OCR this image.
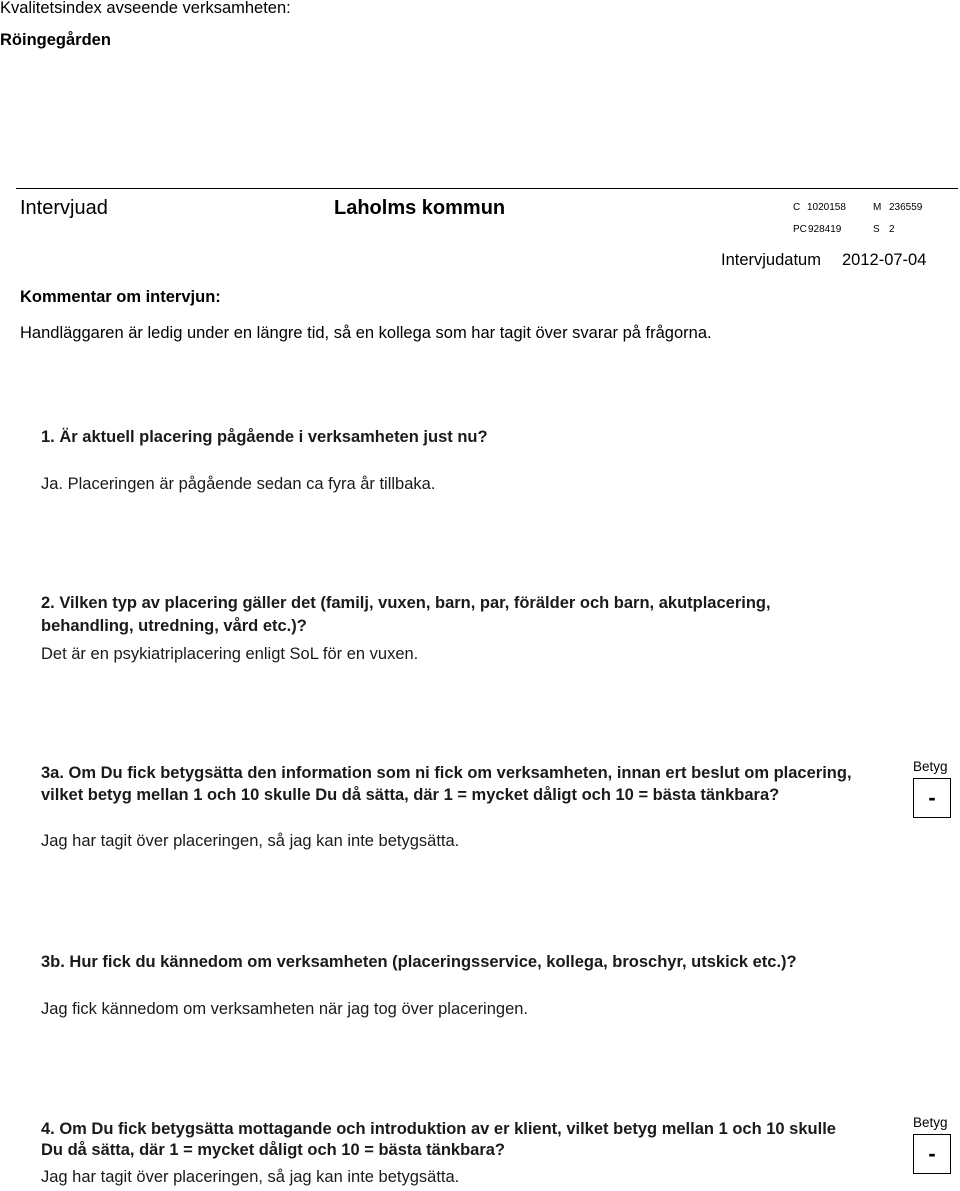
Kvalitetsindex avseende verksamheten:
Röingegården
Intervjuad	Laholms kommun	C 1020158	M 236559
PC 928419	S 2
Intervjudatum 2012-07-04
Kommentar om intervjun:
Handläggaren är ledig under en längre tid, så en kollega som har tagit över svarar på frågorna.
1. Är aktuell placering pågående i verksamheten just nu?
Ja. Placeringen är pågående sedan ca fyra år tillbaka.
2. Vilken typ av placering gäller det (familj, vuxen, barn, par, förälder och barn, akutplacering,
behandling, utredning, vård etc.)?
Det är en psykiatriplacering enligt SoL för en vuxen.
3a. Om Du fick betygsätta den information som ni fick om verksamheten, innan ert beslut om placering,
vilket betyg mellan 1 och 10 skulle Du då sätta, där 1 = mycket dåligt och 10 = bästa tänkbara?
Jag har tagit över placeringen, så jag kan inte betygsätta.
Betyg
-
3b. Hur fick du kännedom om verksamheten (placeringsservice, kollega, broschyr, utskick etc.)?
Jag fick kännedom om verksamheten när jag tog över placeringen.
4. Om Du fick betygsätta mottagande och introduktion av er klient, vilket betyg mellan 1 och 10 skulle
Du då sätta, där 1 = mycket dåligt och 10 = bästa tänkbara?
Jag har tagit över placeringen, så jag kan inte betygsätta.
Betyg
-
